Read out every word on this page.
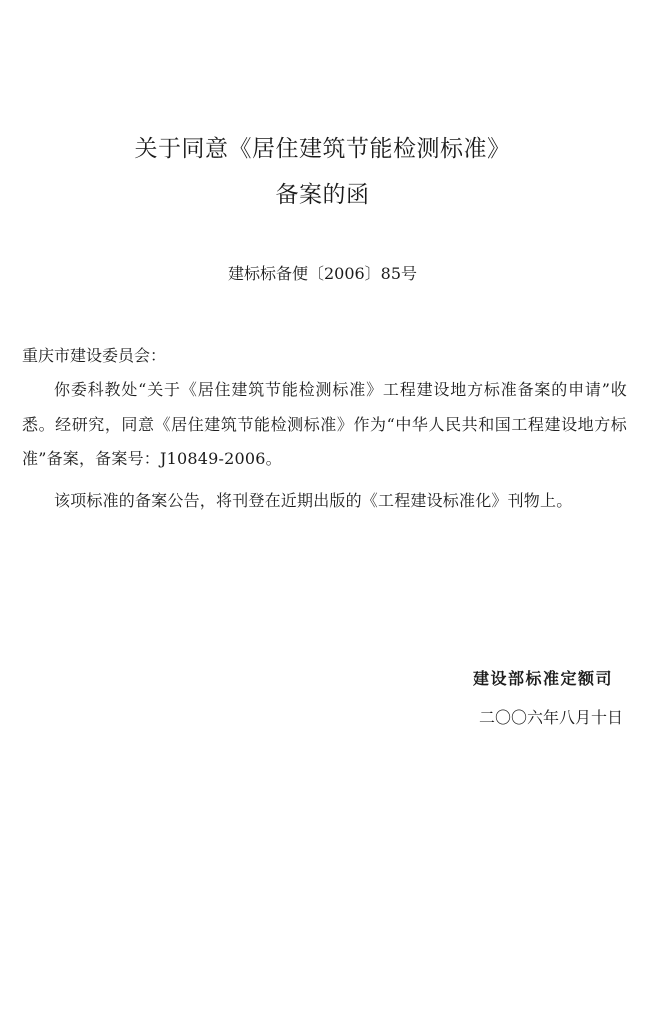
关于同意《居住建筑节能检测标准》
备案的函
建标标备便〔2006〕85号
重庆市建设委员会：
你委科教处“关于《居住建筑节能检测标准》工程建设地方标准备案的申请”收悉。经研究，同意《居住建筑节能检测标准》作为“中华人民共和国工程建设地方标准”备案，备案号：J10849-2006。
该项标准的备案公告，将刊登在近期出版的《工程建设标准化》刊物上。
建设部标准定额司
二〇〇六年八月十日
